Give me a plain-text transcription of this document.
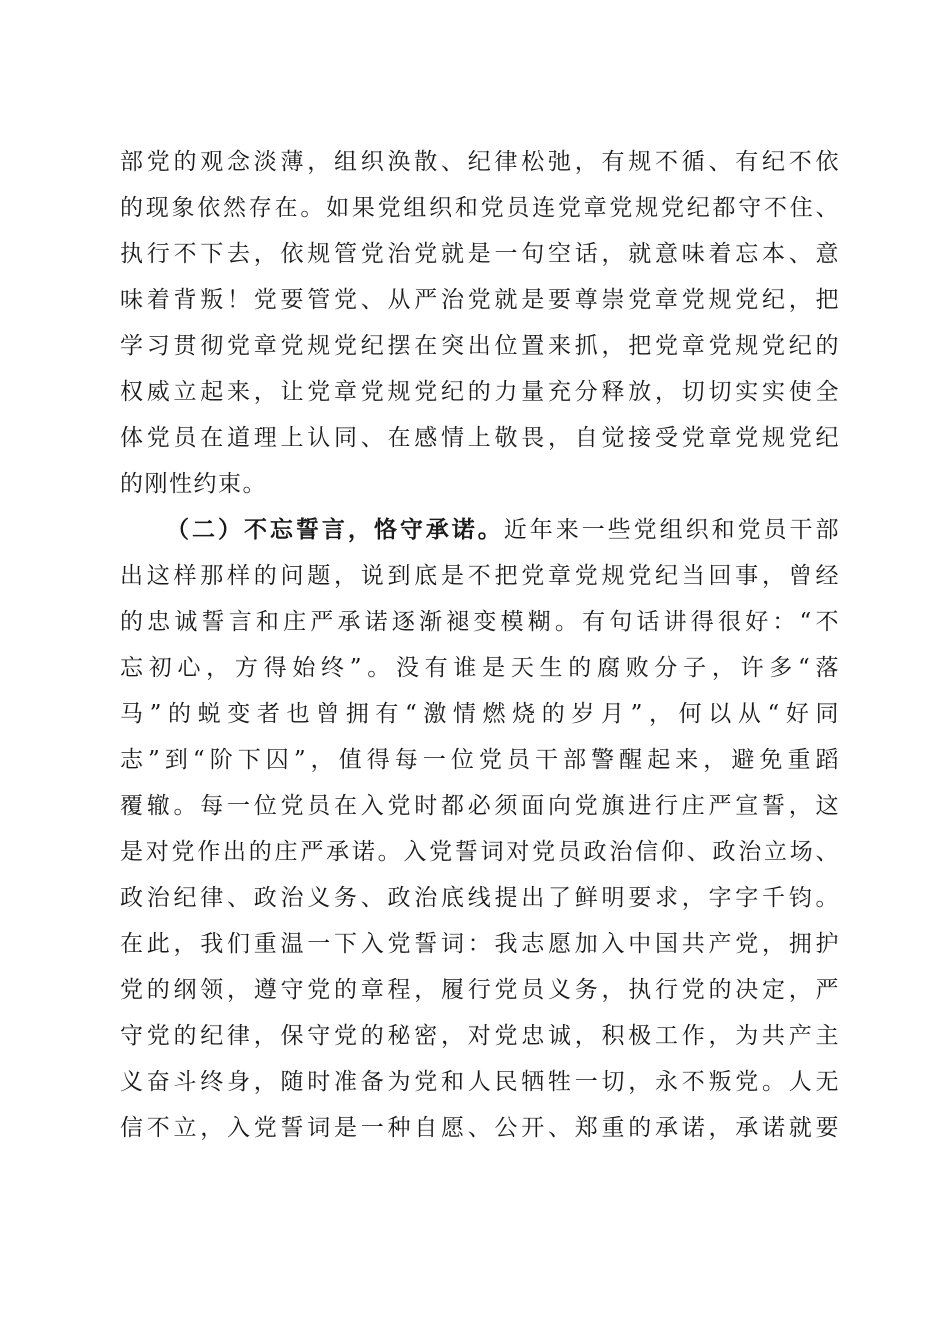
部党的观念淡薄，组织涣散、纪律松弛，有规不循、有纪不依
的现象依然存在。如果党组织和党员连党章党规党纪都守不住、
执行不下去，依规管党治党就是一句空话，就意味着忘本、意
味着背叛！党要管党、从严治党就是要尊崇党章党规党纪，把
学习贯彻党章党规党纪摆在突出位置来抓，把党章党规党纪的
权威立起来，让党章党规党纪的力量充分释放，切切实实使全
体党员在道理上认同、在感情上敬畏，自觉接受党章党规党纪
的刚性约束。
（二）不忘誓言，恪守承诺。近年来一些党组织和党员干部
出这样那样的问题，说到底是不把党章党规党纪当回事，曾经
的忠诚誓言和庄严承诺逐渐褪变模糊。有句话讲得很好：“不
忘初心，方得始终”。没有谁是天生的腐败分子，许多“落
马”的蜕变者也曾拥有“激情燃烧的岁月”，何以从“好同
志”到“阶下囚”，值得每一位党员干部警醒起来，避免重蹈
覆辙。每一位党员在入党时都必须面向党旗进行庄严宣誓，这
是对党作出的庄严承诺。入党誓词对党员政治信仰、政治立场、
政治纪律、政治义务、政治底线提出了鲜明要求，字字千钧。
在此，我们重温一下入党誓词：我志愿加入中国共产党，拥护
党的纲领，遵守党的章程，履行党员义务，执行党的决定，严
守党的纪律，保守党的秘密，对党忠诚，积极工作，为共产主
义奋斗终身，随时准备为党和人民牺牲一切，永不叛党。人无
信不立，入党誓词是一种自愿、公开、郑重的承诺，承诺就要
